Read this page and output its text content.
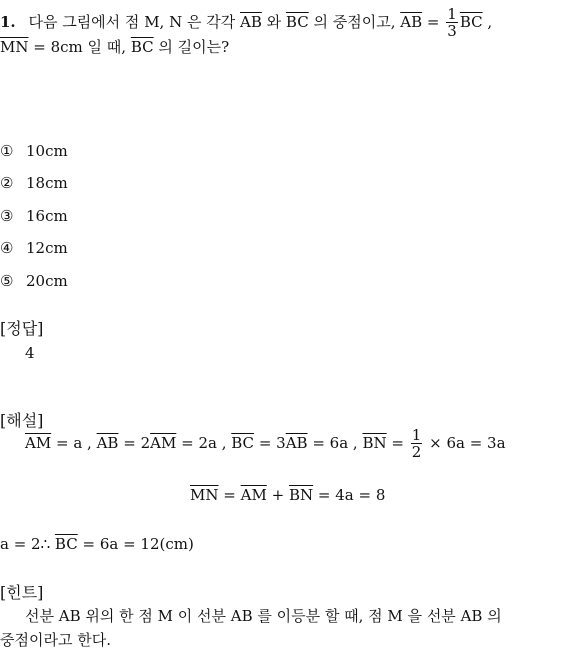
1. 다음 그림에서 점 M, N 은 각각 $\overline{AB}$ 와 $\overline{BC}$ 의 중점이고, $\overline{AB} = \frac{1}{3} \overline{BC}$ ,
$\overline{MN} = 8cm$ 일 때, $\overline{BC}$ 의 길이는?
① 10cm
② 18cm
③ 16cm
④ 12cm
⑤ 20cm
[정답]
4
[해설]
$\overline{AM} = a$ , $\overline{AB} = 2\overline{AM} = 2a$ , $\overline{BC} = 3\overline{AB} = 6a$ , $\overline{BN} = \frac{1}{2} \times 6a = 3a$
$\overline{MN} = \overline{AM} + \overline{BN} = 4a = 8$
a = 2∴ $\overline{BC} = 6a = 12(cm)$
[힌트]
선분 AB 위의 한 점 M 이 선분 AB 를 이등분 할 때, 점 M 을 선분 AB 의
중점이라고 한다.
